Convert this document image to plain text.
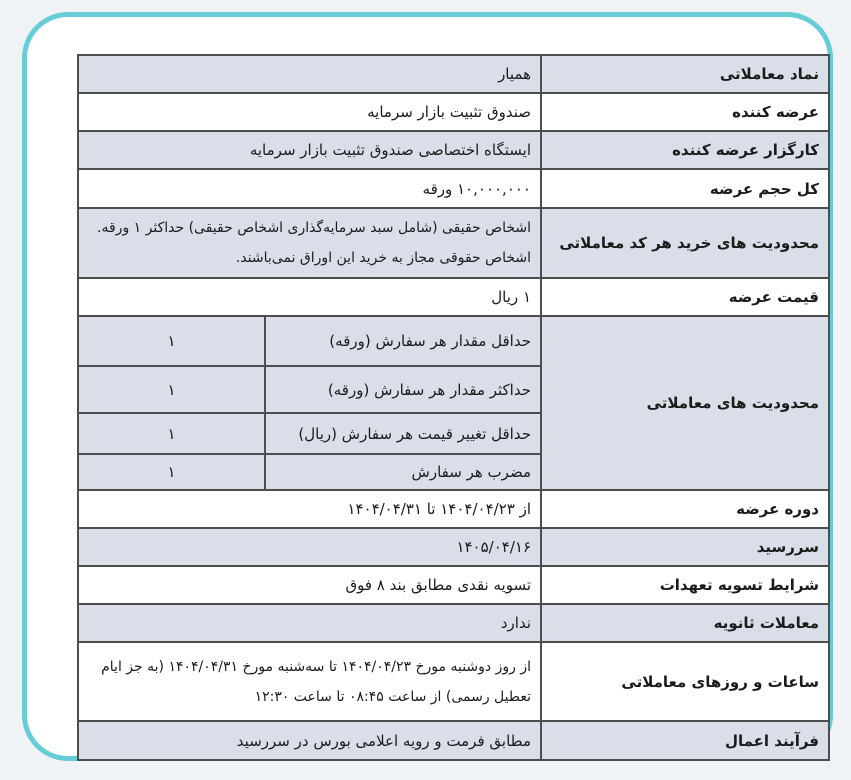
نماد معاملاتی	همیار	
عرضه کننده	صندوق تثبیت بازار سرمایه	
کارگزار عرضه کننده	ایستگاه اختصاصی صندوق تثبیت بازار سرمایه	
کل حجم عرضه	۱۰,۰۰۰,۰۰۰ ورقه	
محدودیت های خرید هر کد معاملاتی	اشخاص حقیقی (شامل سبد سرمایه‌گذاری اشخاص حقیقی) حداکثر ۱ ورقه.
اشخاص حقوقی مجاز به خرید این اوراق نمی‌باشند.	

قیمت عرضه	۱ ریال	
محدودیت های معاملاتی	حداقل مقدار هر سفارش (ورقه)	۱
	حداکثر مقدار هر سفارش (ورقه)	۱
	حداقل تغییر قیمت هر سفارش (ریال)	۱
	مضرب هر سفارش	۱
دوره عرضه	از ۱۴۰۴/۰۴/۲۳ تا ۱۴۰۴/۰۴/۳۱	
سررسید	۱۴۰۵/۰۴/۱۶	
شرایط تسویه تعهدات	تسویه نقدی مطابق بند ۸ فوق	
معاملات ثانویه	ندارد	
ساعات و روزهای معاملاتی	از روز دوشنبه مورخ ۱۴۰۴/۰۴/۲۳ تا سه‌شنبه مورخ ۱۴۰۴/۰۴/۳۱ (به جز ایام
تعطیل رسمی) از ساعت ۰۸:۴۵ تا ساعت ۱۲:۳۰	

فرآیند اعمال	مطابق فرمت و رویه اعلامی بورس در سررسید	
